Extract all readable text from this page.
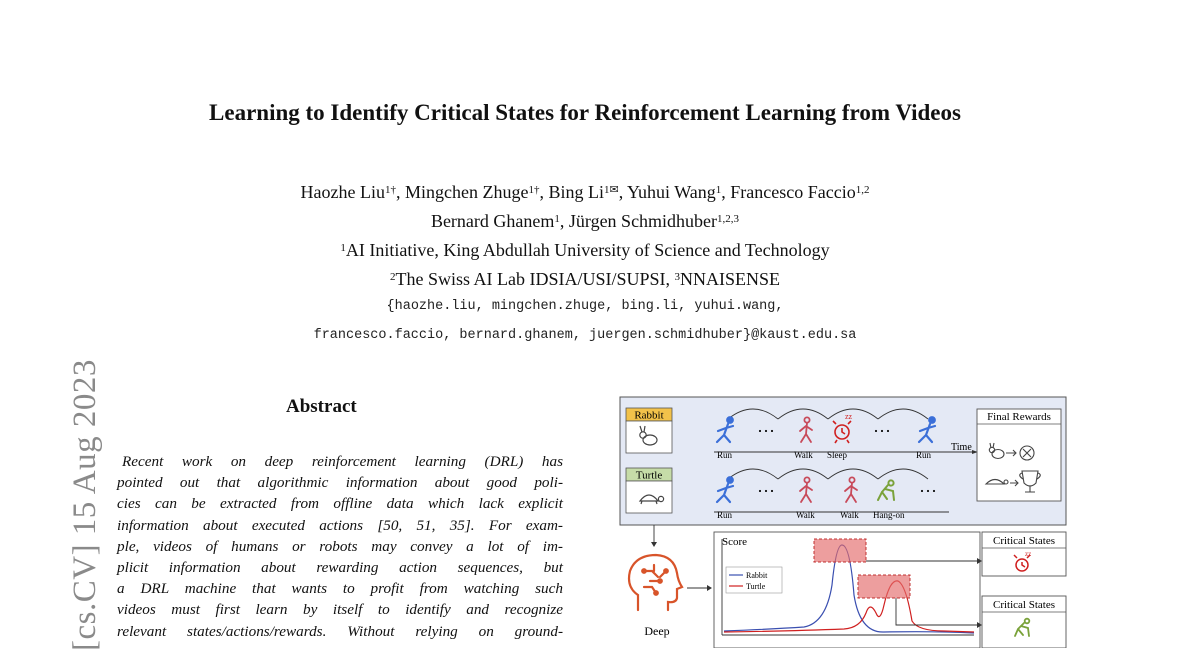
Learning to Identify Critical States for Reinforcement Learning from Videos
Haozhe Liu$^{1\dagger}$, Mingchen Zhuge$^{1\dagger}$, Bing $Li^{1✉}$, Yuhui Wang$^1$, Francesco Faccio$^{1,2}$
Bernard Ghanem$^1$, Jürgen Schmidhuber$^{1,2,3}$
$^1$AI Initiative, King Abdullah University of Science and Technology
$^2$The Swiss AI Lab IDSIA/USI/SUPSI, $^3$NNAISENSE
{haozhe.liu, mingchen.zhuge, bing.li, yuhui.wang,
francesco.faccio, bernard.ghanem, juergen.schmidhuber}@kaust.edu.sa
[cs.CV] 15 Aug 2023	Abstract
Recent work on deep reinforcement learning (DRL) has
pointed out that algorithmic information about good poli-
cies can be extracted from offline data which lack explicit
information about executed actions [50, 51, 35]. For exam-
ple, videos of humans or robots may convey a lot of im-
plicit information about rewarding action sequences, but
a DRL machine that wants to profit from watching such
videos must first learn by itself to identify and recognize
relevant states/actions/rewards. Without relying on ground-
Rabbit
Turtle
···
zz
···
Time
Run	Walk Sleep	Run
···	···
Run	Walk	Walk Hang-on
Final Rewards
Deep
Score
Rabbit
Turtle
Critical States
zz
Critical States
